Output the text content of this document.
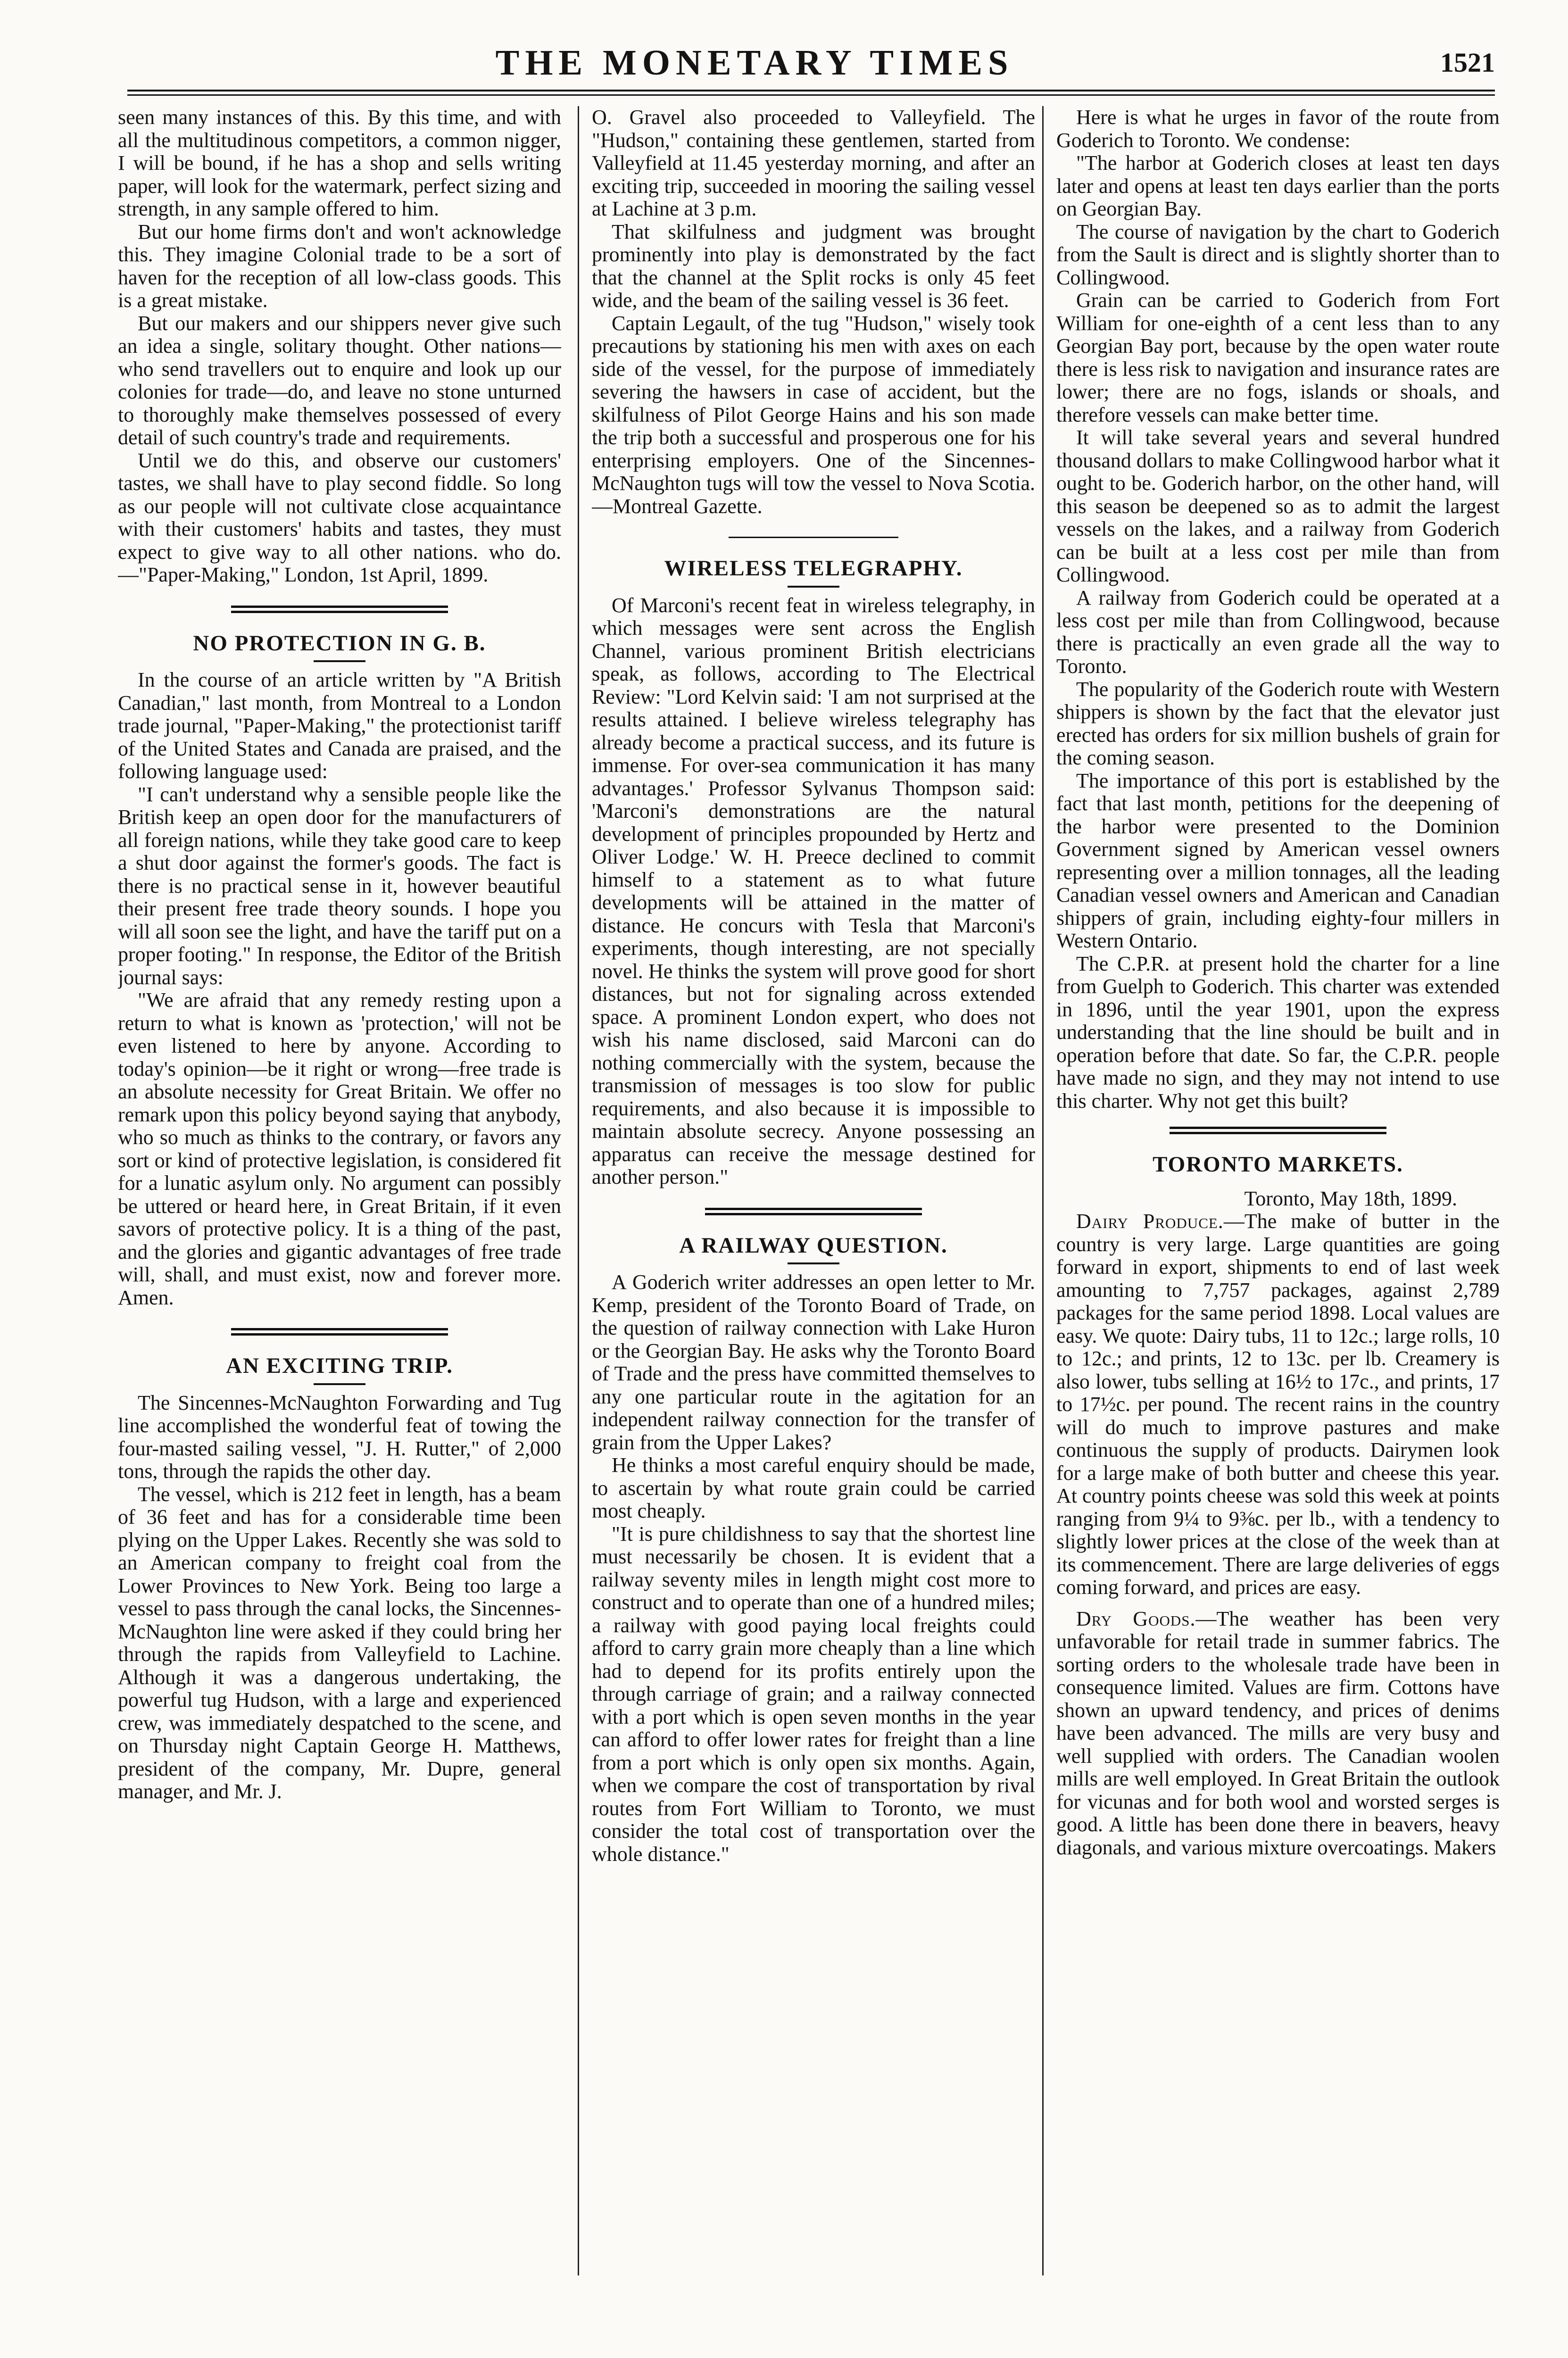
THE MONETARY TIMES	1521

seen many instances of this. By this time, and with all the multitudinous competitors, a common nigger, I will be bound, if he has a shop and sells writing paper, will look for the watermark, perfect sizing and strength, in any sample offered to him.

But our home firms don't and won't acknowledge this. They imagine Colonial trade to be a sort of haven for the reception of all low-class goods. This is a great mistake.

But our makers and our shippers never give such an idea a single, solitary thought. Other nations—who send travellers out to enquire and look up our colonies for trade—do, and leave no stone unturned to thoroughly make themselves possessed of every detail of such country's trade and requirements.

Until we do this, and observe our customers' tastes, we shall have to play second fiddle. So long as our people will not cultivate close acquaintance with their customers' habits and tastes, they must expect to give way to all other nations. who do.—"Paper-Making," London, 1st April, 1899.

NO PROTECTION IN G. B.

In the course of an article written by "A British Canadian," last month, from Montreal to a London trade journal, "Paper-Making," the protectionist tariff of the United States and Canada are praised, and the following language used:

"I can't understand why a sensible people like the British keep an open door for the manufacturers of all foreign nations, while they take good care to keep a shut door against the former's goods. The fact is there is no practical sense in it, however beautiful their present free trade theory sounds. I hope you will all soon see the light, and have the tariff put on a proper footing." In response, the Editor of the British journal says:

"We are afraid that any remedy resting upon a return to what is known as 'protection,' will not be even listened to here by anyone. According to today's opinion—be it right or wrong—free trade is an absolute necessity for Great Britain. We offer no remark upon this policy beyond saying that anybody, who so much as thinks to the contrary, or favors any sort or kind of protective legislation, is considered fit for a lunatic asylum only. No argument can possibly be uttered or heard here, in Great Britain, if it even savors of protective policy. It is a thing of the past, and the glories and gigantic advantages of free trade will, shall, and must exist, now and forever more. Amen.

AN EXCITING TRIP.

The Sincennes-McNaughton Forwarding and Tug line accomplished the wonderful feat of towing the four-masted sailing vessel, "J. H. Rutter," of 2,000 tons, through the rapids the other day.

The vessel, which is 212 feet in length, has a beam of 36 feet and has for a considerable time been plying on the Upper Lakes. Recently she was sold to an American company to freight coal from the Lower Provinces to New York. Being too large a vessel to pass through the canal locks, the Sincennes-McNaughton line were asked if they could bring her through the rapids from Valleyfield to Lachine. Although it was a dangerous undertaking, the powerful tug Hudson, with a large and experienced crew, was immediately despatched to the scene, and on Thursday night Captain George H. Matthews, president of the company, Mr. Dupre, general manager, and Mr. J.

O. Gravel also proceeded to Valleyfield. The "Hudson," containing these gentlemen, started from Valleyfield at 11.45 yesterday morning, and after an exciting trip, succeeded in mooring the sailing vessel at Lachine at 3 p.m.

That skilfulness and judgment was brought prominently into play is demonstrated by the fact that the channel at the Split rocks is only 45 feet wide, and the beam of the sailing vessel is 36 feet.

Captain Legault, of the tug "Hudson," wisely took precautions by stationing his men with axes on each side of the vessel, for the purpose of immediately severing the hawsers in case of accident, but the skilfulness of Pilot George Hains and his son made the trip both a successful and prosperous one for his enterprising employers. One of the Sincennes-McNaughton tugs will tow the vessel to Nova Scotia.—Montreal Gazette.

WIRELESS TELEGRAPHY.

Of Marconi's recent feat in wireless telegraphy, in which messages were sent across the English Channel, various prominent British electricians speak, as follows, according to The Electrical Review: "Lord Kelvin said: 'I am not surprised at the results attained. I believe wireless telegraphy has already become a practical success, and its future is immense. For over-sea communication it has many advantages.' Professor Sylvanus Thompson said: 'Marconi's demonstrations are the natural development of principles propounded by Hertz and Oliver Lodge.' W. H. Preece declined to commit himself to a statement as to what future developments will be attained in the matter of distance. He concurs with Tesla that Marconi's experiments, though interesting, are not specially novel. He thinks the system will prove good for short distances, but not for signaling across extended space. A prominent London expert, who does not wish his name disclosed, said Marconi can do nothing commercially with the system, because the transmission of messages is too slow for public requirements, and also because it is impossible to maintain absolute secrecy. Anyone possessing an apparatus can receive the message destined for another person."

A RAILWAY QUESTION.

A Goderich writer addresses an open letter to Mr. Kemp, president of the Toronto Board of Trade, on the question of railway connection with Lake Huron or the Georgian Bay. He asks why the Toronto Board of Trade and the press have committed themselves to any one particular route in the agitation for an independent railway connection for the transfer of grain from the Upper Lakes?

He thinks a most careful enquiry should be made, to ascertain by what route grain could be carried most cheaply.

"It is pure childishness to say that the shortest line must necessarily be chosen. It is evident that a railway seventy miles in length might cost more to construct and to operate than one of a hundred miles; a railway with good paying local freights could afford to carry grain more cheaply than a line which had to depend for its profits entirely upon the through carriage of grain; and a railway connected with a port which is open seven months in the year can afford to offer lower rates for freight than a line from a port which is only open six months. Again, when we compare the cost of transportation by rival routes from Fort William to Toronto, we must consider the total cost of transportation over the whole distance."

Here is what he urges in favor of the route from Goderich to Toronto. We condense:

"The harbor at Goderich closes at least ten days later and opens at least ten days earlier than the ports on Georgian Bay.

The course of navigation by the chart to Goderich from the Sault is direct and is slightly shorter than to Collingwood.

Grain can be carried to Goderich from Fort William for one-eighth of a cent less than to any Georgian Bay port, because by the open water route there is less risk to navigation and insurance rates are lower; there are no fogs, islands or shoals, and therefore vessels can make better time.

It will take several years and several hundred thousand dollars to make Collingwood harbor what it ought to be. Goderich harbor, on the other hand, will this season be deepened so as to admit the largest vessels on the lakes, and a railway from Goderich can be built at a less cost per mile than from Collingwood.

A railway from Goderich could be operated at a less cost per mile than from Collingwood, because there is practically an even grade all the way to Toronto.

The popularity of the Goderich route with Western shippers is shown by the fact that the elevator just erected has orders for six million bushels of grain for the coming season.

The importance of this port is established by the fact that last month, petitions for the deepening of the harbor were presented to the Dominion Government signed by American vessel owners representing over a million tonnages, all the leading Canadian vessel owners and American and Canadian shippers of grain, including eighty-four millers in Western Ontario.

The C.P.R. at present hold the charter for a line from Guelph to Goderich. This charter was extended in 1896, until the year 1901, upon the express understanding that the line should be built and in operation before that date. So far, the C.P.R. people have made no sign, and they may not intend to use this charter. Why not get this built?

TORONTO MARKETS.

Toronto, May 18th, 1899.

Dairy Produce.—The make of butter in the country is very large. Large quantities are going forward in export, shipments to end of last week amounting to 7,757 packages, against 2,789 packages for the same period 1898. Local values are easy. We quote: Dairy tubs, 11 to 12c.; large rolls, 10 to 12c.; and prints, 12 to 13c. per lb. Creamery is also lower, tubs selling at 16½ to 17c., and prints, 17 to 17½c. per pound. The recent rains in the country will do much to improve pastures and make continuous the supply of products. Dairymen look for a large make of both butter and cheese this year. At country points cheese was sold this week at points ranging from 9¼ to 9⅜c. per lb., with a tendency to slightly lower prices at the close of the week than at its commencement. There are large deliveries of eggs coming forward, and prices are easy.

Dry Goods.—The weather has been very unfavorable for retail trade in summer fabrics. The sorting orders to the wholesale trade have been in consequence limited. Values are firm. Cottons have shown an upward tendency, and prices of denims have been advanced. The mills are very busy and well supplied with orders. The Canadian woolen mills are well employed. In Great Britain the outlook for vicunas and for both wool and worsted serges is good. A little has been done there in beavers, heavy diagonals, and various mixture overcoatings. Makers
